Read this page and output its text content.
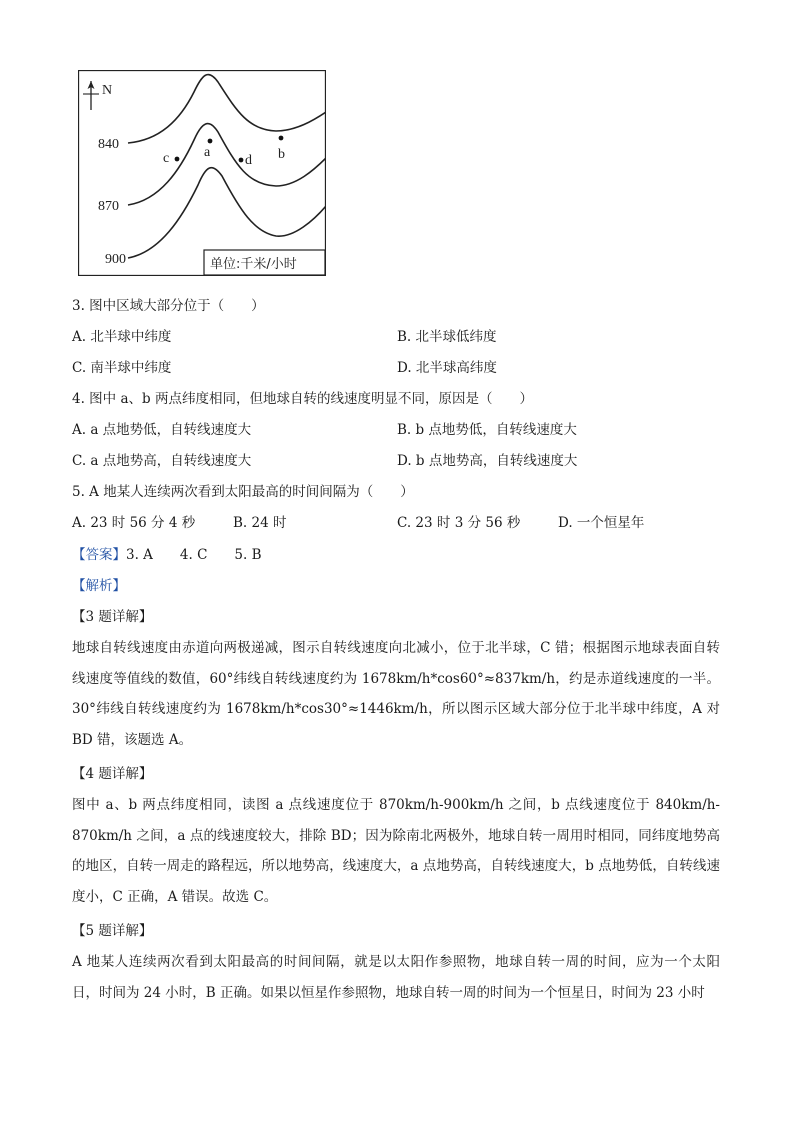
N
840
870
900
a	b
c	d
单位:千米/小时
3. 图中区域大部分位于（　　）
A. 北半球中纬度	B. 北半球低纬度
C. 南半球中纬度	D. 北半球高纬度
4. 图中 a、b 两点纬度相同，但地球自转的线速度明显不同，原因是（　　）
A. a 点地势低，自转线速度大	B. b 点地势低，自转线速度大
C. a 点地势高，自转线速度大	D. b 点地势高，自转线速度大
5. A 地某人连续两次看到太阳最高的时间间隔为（　　）
A. 23 时 56 分 4 秒	B. 24 时	C. 23 时 3 分 56 秒	D. 一个恒星年
【答案】3. A　　4. C　　5. B
【解析】
【3 题详解】
地球自转线速度由赤道向两极递减，图示自转线速度向北减小，位于北半球，C 错；根据图示地球表面自转线速度等值线的数值，60°纬线自转线速度约为 1678km/h*cos60°≈837km/h，约是赤道线速度的一半。30°纬线自转线速度约为 1678km/h*cos30°≈1446km/h，所以图示区域大部分位于北半球中纬度，A 对 BD 错，该题选 A。
【4 题详解】
图中 a、b 两点纬度相同，读图 a 点线速度位于 870km/h-900km/h 之间，b 点线速度位于 840km/h-870km/h 之间，a 点的线速度较大，排除 BD；因为除南北两极外，地球自转一周用时相同，同纬度地势高的地区，自转一周走的路程远，所以地势高，线速度大，a 点地势高，自转线速度大，b 点地势低，自转线速度小，C 正确，A 错误。故选 C。
【5 题详解】
A 地某人连续两次看到太阳最高的时间间隔，就是以太阳作参照物，地球自转一周的时间，应为一个太阳日，时间为 24 小时，B 正确。如果以恒星作参照物，地球自转一周的时间为一个恒星日，时间为 23 小时
